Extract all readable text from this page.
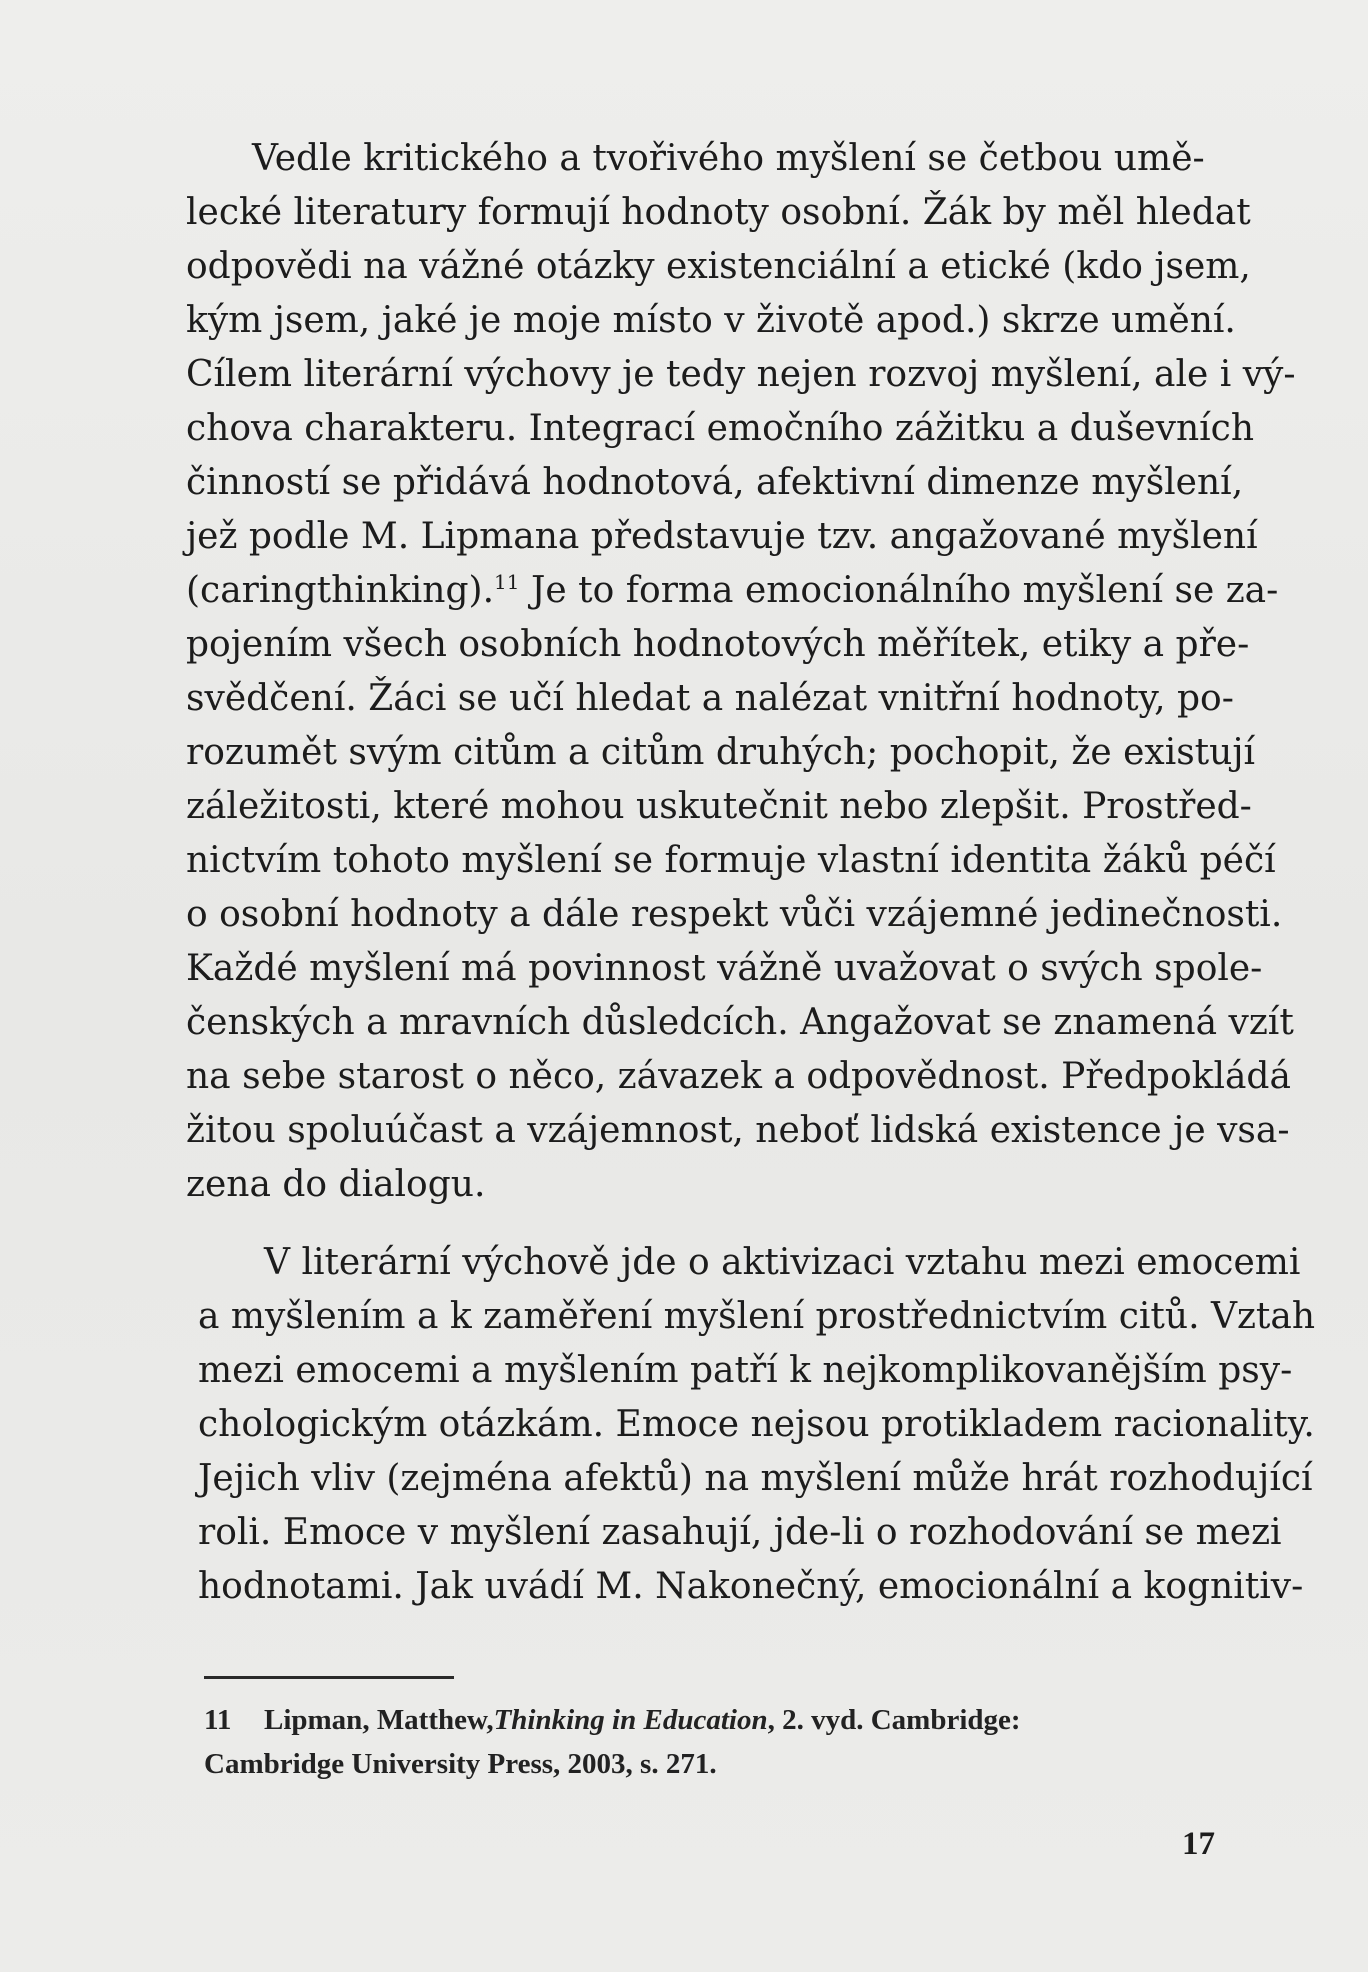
Vedle kritického a tvořivého myšlení se četbou umě-
lecké literatury formují hodnoty osobní. Žák by měl hledat
odpovědi na vážné otázky existenciální a etické (kdo jsem,
kým jsem, jaké je moje místo v životě apod.) skrze umění.
Cílem literární výchovy je tedy nejen rozvoj myšlení, ale i vý-
chova charakteru. Integrací emočního zážitku a duševních
činností se přidává hodnotová, afektivní dimenze myšlení,
jež podle M. Lipmana představuje tzv. angažované myšlení
(caringthinking).$^{11}$ Je to forma emocionálního myšlení se za-
pojením všech osobních hodnotových měřítek, etiky a pře-
svědčení. Žáci se učí hledat a nalézat vnitřní hodnoty, po-
rozumět svým citům a citům druhých; pochopit, že existují
záležitosti, které mohou uskutečnit nebo zlepšit. Prostřed-
nictvím tohoto myšlení se formuje vlastní identita žáků péčí
o osobní hodnoty a dále respekt vůči vzájemné jedinečnosti.
Každé myšlení má povinnost vážně uvažovat o svých spole-
čenských a mravních důsledcích. Angažovat se znamená vzít
na sebe starost o něco, závazek a odpovědnost. Předpokládá
žitou spoluúčast a vzájemnost, neboť lidská existence je vsa-
zena do dialogu.
V literární výchově jde o aktivizaci vztahu mezi emocemi
a myšlením a k zaměření myšlení prostřednictvím citů. Vztah
mezi emocemi a myšlením patří k nejkomplikovanějším psy-
chologickým otázkám. Emoce nejsou protikladem racionality.
Jejich vliv (zejména afektů) na myšlení může hrát rozhodující
roli. Emoce v myšlení zasahují, jde-li o rozhodování se mezi
hodnotami. Jak uvádí M. Nakonečný, emocionální a kognitiv-
11 Lipman, Matthew,Thinking in Education, 2. vyd. Cambridge:
Cambridge University Press, 2003, s. 271.
17
